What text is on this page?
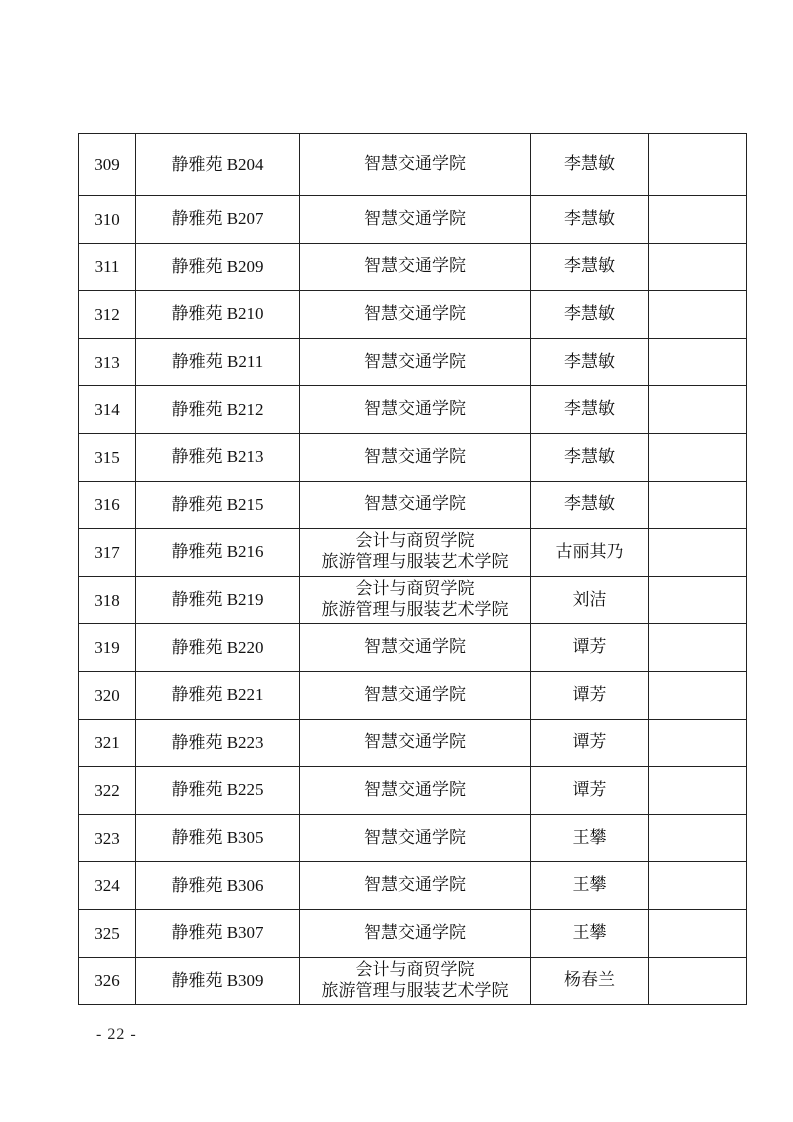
309	静雅苑 B204	智慧交通学院	李慧敏	
310	静雅苑 B207	智慧交通学院	李慧敏	
311	静雅苑 B209	智慧交通学院	李慧敏	
312	静雅苑 B210	智慧交通学院	李慧敏	
313	静雅苑 B211	智慧交通学院	李慧敏	
314	静雅苑 B212	智慧交通学院	李慧敏	
315	静雅苑 B213	智慧交通学院	李慧敏	
316	静雅苑 B215	智慧交通学院	李慧敏	
317	静雅苑 B216	会计与商贸学院
旅游管理与服装艺术学院	古丽其乃	
318	静雅苑 B219	会计与商贸学院
旅游管理与服装艺术学院	刘洁	
319	静雅苑 B220	智慧交通学院	谭芳	
320	静雅苑 B221	智慧交通学院	谭芳	
321	静雅苑 B223	智慧交通学院	谭芳	
322	静雅苑 B225	智慧交通学院	谭芳	
323	静雅苑 B305	智慧交通学院	王攀	
324	静雅苑 B306	智慧交通学院	王攀	
325	静雅苑 B307	智慧交通学院	王攀	
326	静雅苑 B309	会计与商贸学院
旅游管理与服装艺术学院	杨春兰	
- 22 -
